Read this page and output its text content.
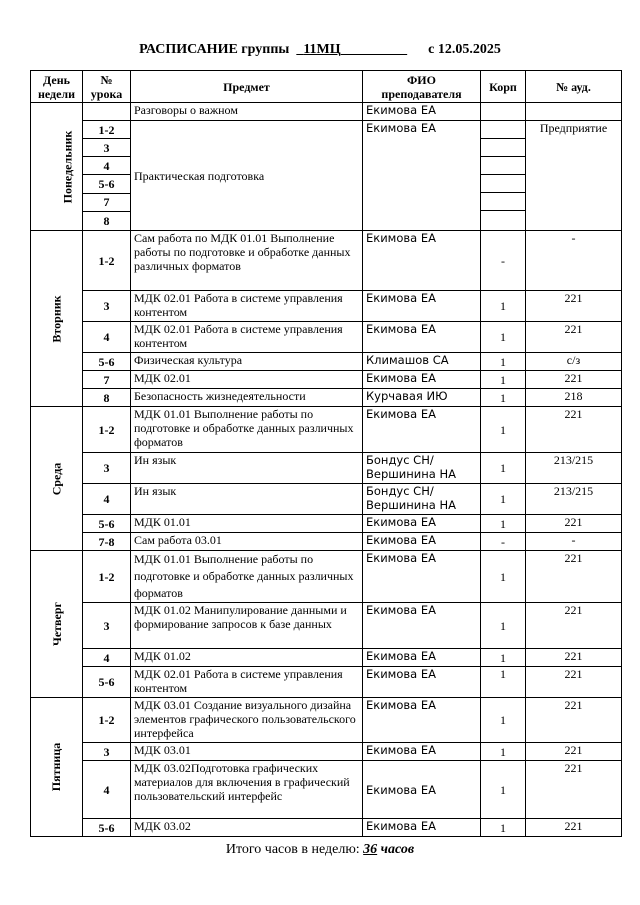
РАСПИСАНИЕ группы 11МЦ	с 12.05.2025
День недели	№ урока	Предмет	ФИО преподавателя	Корп	№ ауд.
Понедельник		Разговоры о важном	Екимова ЕА		
	1-2	Практическая подготовка	Екимова ЕА		Предприятие
	3				
	4				
	5-6				
	7				
	8				
Вторник	1-2	Сам работа по МДК 01.01 Выполнение работы по подготовке и обработке данных различных форматов	Екимова ЕА	-	-
	3	МДК 02.01 Работа в системе управления контентом	Екимова ЕА	1	221
	4	МДК 02.01 Работа в системе управления контентом	Екимова ЕА	1	221
	5-6	Физическая культура	Климашов СА	1	с/з
	7	МДК 02.01	Екимова ЕА	1	221
	8	Безопасность жизнедеятельности	Курчавая ИЮ	1	218
Среда	1-2	МДК 01.01 Выполнение работы по подготовке и обработке данных различных форматов	Екимова ЕА	1	221
	3	Ин язык	Бондус СН/Вершинина НА	1	213/215
	4	Ин язык	Бондус СН/Вершинина НА	1	213/215
	5-6	МДК 01.01	Екимова ЕА	1	221
	7-8	Сам работа 03.01	Екимова ЕА	-	-
Четверг	1-2	МДК 01.01 Выполнение работы по подготовке и обработке данных различных форматов	Екимова ЕА	1	221
	3	МДК 01.02 Манипулирование данными и формирование запросов к базе данных	Екимова ЕА	1	221
	4	МДК 01.02	Екимова ЕА	1	221
	5-6	МДК 02.01 Работа в системе управления контентом	Екимова ЕА	1	221
Пятница	1-2	МДК 03.01 Создание визуального дизайна элементов графического пользовательского интерфейса	Екимова ЕА	1	221
	3	МДК 03.01	Екимова ЕА	1	221
	4	МДК 03.02Подготовка графических материалов для включения в графический пользовательский интерфейс	Екимова ЕА	1	221
	5-6	МДК 03.02	Екимова ЕА	1	221
Итого часов в неделю: 36 часов
